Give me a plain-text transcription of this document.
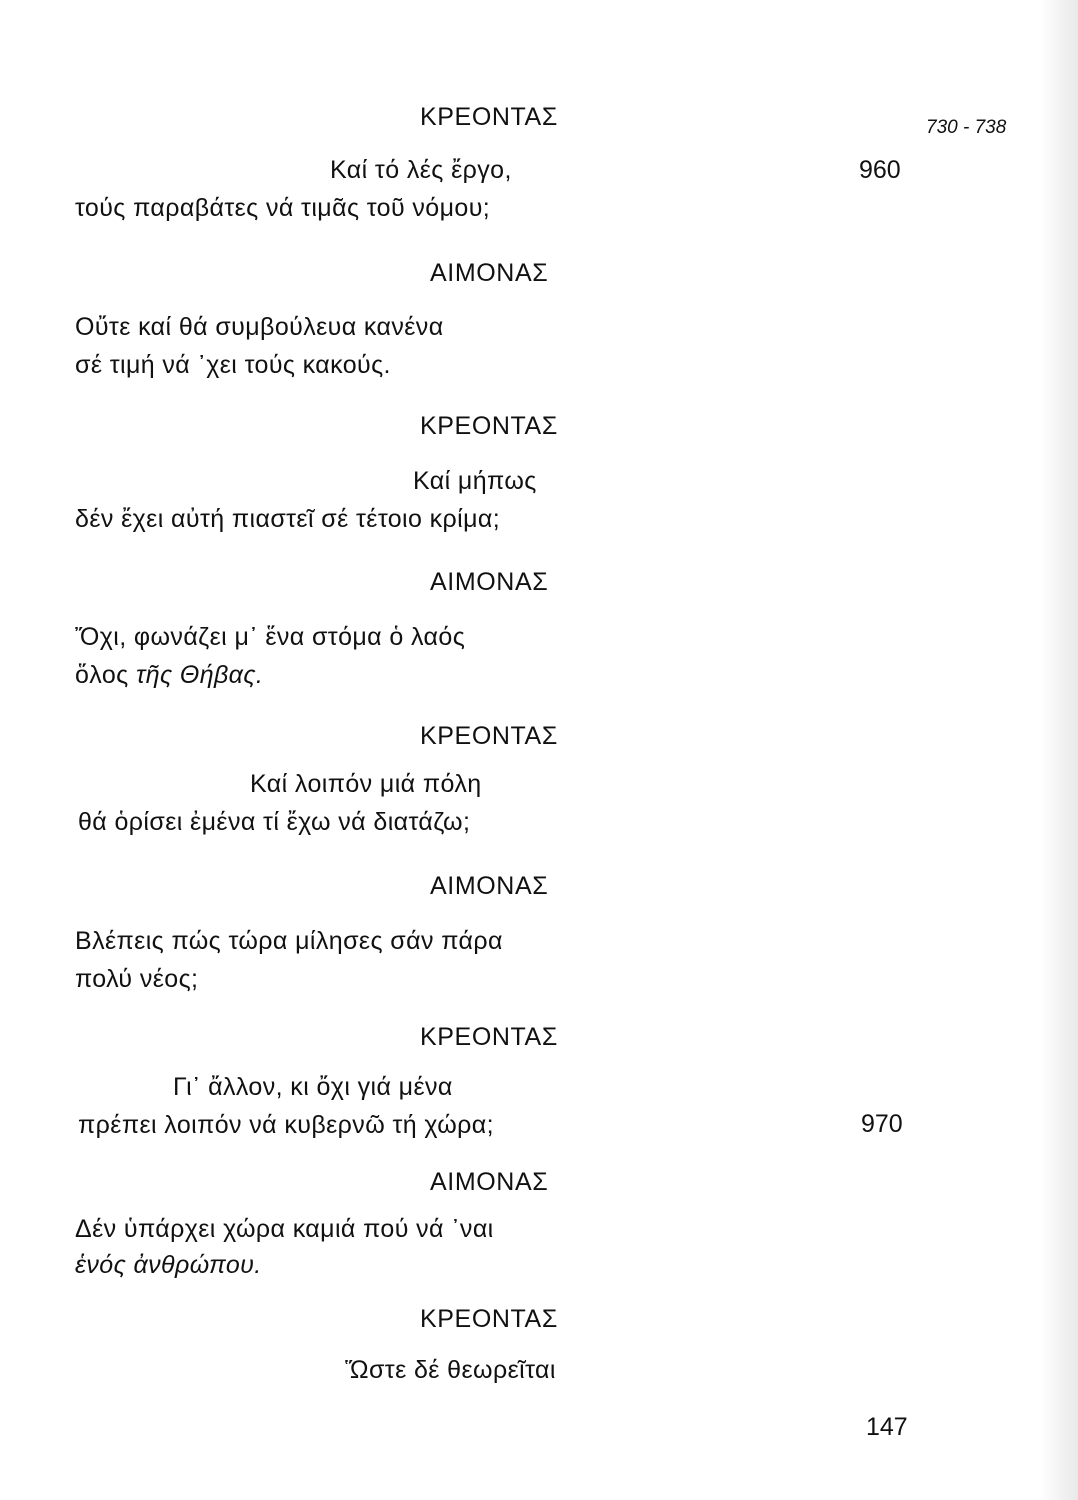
730 - 738
ΚΡΕΟΝΤΑΣ
Καί τό λές ἔργο,	960
τούς παραβάτες νά τιμᾶς τοῦ νόμου;
ΑΙΜΟΝΑΣ
Οὔτε καί θά συμβούλευα κανένα
σέ τιμή νά ᾿χει τούς κακούς.
ΚΡΕΟΝΤΑΣ
Καί μήπως
δέν ἔχει αὐτή πιαστεῖ σέ τέτοιο κρίμα;
ΑΙΜΟΝΑΣ
Ὄχι, φωνάζει μ᾿ ἕνα στόμα ὁ λαός
ὅλος τῆς Θήβας.
ΚΡΕΟΝΤΑΣ
Καί λοιπόν μιά πόλη
θά ὁρίσει ἐμένα τί ἔχω νά διατάζω;
ΑΙΜΟΝΑΣ
Βλέπεις πώς τώρα μίλησες σάν πάρα
πολύ νέος;
ΚΡΕΟΝΤΑΣ
Γι᾿ ἄλλον, κι ὄχι γιά μένα
πρέπει λοιπόν νά κυβερνῶ τή χώρα;	970
ΑΙΜΟΝΑΣ
Δέν ὑπάρχει χώρα καμιά πού νά ᾿ναι
ἑνός ἀνθρώπου.
ΚΡΕΟΝΤΑΣ
Ὥστε δέ θεωρεῖται
147
